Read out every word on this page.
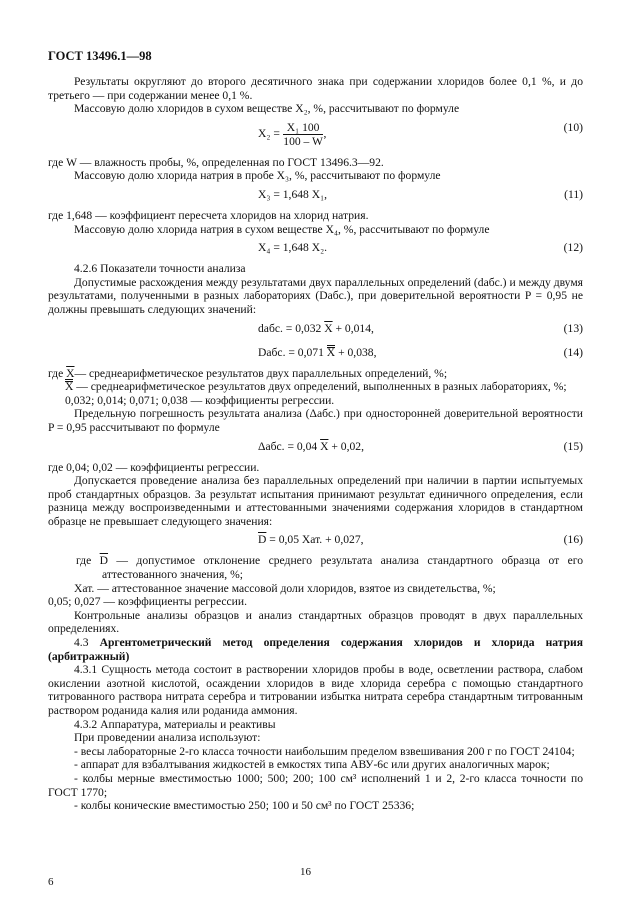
ГОСТ 13496.1—98

Результаты округляют до второго десятичного знака при содержании хлоридов более 0,1 %, и до третьего — при содержании менее 0,1 %.

Массовую долю хлоридов в сухом веществе X₂, %, рассчитывают по формуле

$X_2 = \frac{\text{X₁ 100}}{100 - W}$ ,	(10)

где W — влажность пробы, %, определенная по ГОСТ 13496.3—92.

Массовую долю хлорида натрия в пробе X₃, %, рассчитывают по формуле

X₃ = 1,648 X₁,	(11)

где 1,648 — коэффициент пересчета хлоридов на хлорид натрия.

Массовую долю хлорида натрия в сухом веществе X₄, %, рассчитывают по формуле

X₄ = 1,648 X₂.	(12)

4.2.6 Показатели точности анализа

Допустимые расхождения между результатами двух параллельных определений (dабс.) и между двумя результатами, полученными в разных лабораториях (Dабс.), при доверительной вероятности P = 0,95 не должны превышать следующих значений:

dабс. = 0,032 $\overline{X} + 0,014$,	(13)
Dабс. = 0,071 X + 0,038,	(14)

где $\overline{X}—$ среднеарифметическое результатов двух параллельных определений, %;

X — среднеарифметическое результатов двух определений, выполненных в разных лабораториях, %;

0,032; 0,014; 0,071; 0,038 — коэффициенты регрессии.

Предельную погрешность результата анализа (Δабс.) при односторонней доверительной вероятности P = 0,95 рассчитывают по формуле

Δабс. = 0,04 $\overline{X} + 0,02$,	(15)

где 0,04; 0,02 — коэффициенты регрессии.

Допускается проведение анализа без параллельных определений при наличии в партии испытуемых проб стандартных образцов. За результат испытания принимают результат единичного определения, если разница между воспроизведенными и аттестованными значениями содержания хлоридов в стандартном образце не превышает следующего значения:

$\overline{D} = 0,05$ Xат. + 0,027,	(16)

где $\overline{D}$ — допустимое отклонение среднего результата анализа стандартного образца от его аттестованного значения, %;

Xат. — аттестованное значение массовой доли хлоридов, взятое из свидетельства, %;

0,05; 0,027 — коэффициенты регрессии.

Контрольные анализы образцов и анализ стандартных образцов проводят в двух параллельных определениях.

4.3 Аргентометрический метод определения содержания хлоридов и хлорида натрия (арбитражный)

4.3.1 Сущность метода состоит в растворении хлоридов пробы в воде, осветлении раствора, слабом окислении азотной кислотой, осаждении хлоридов в виде хлорида серебра с помощью стандартного титрованного раствора нитрата серебра и титровании избытка нитрата серебра стандартным титрованным раствором роданида калия или роданида аммония.

4.3.2 Аппаратура, материалы и реактивы

При проведении анализа используют:

- весы лабораторные 2-го класса точности наибольшим пределом взвешивания 200 г по ГОСТ 24104;

- аппарат для взбалтывания жидкостей в емкостях типа АВУ-6с или других аналогичных марок;

- колбы мерные вместимостью 1000; 500; 200; 100 см³ исполнений 1 и 2, 2-го класса точности по ГОСТ 1770;

- колбы конические вместимостью 250; 100 и 50 см³ по ГОСТ 25336;

6
16
